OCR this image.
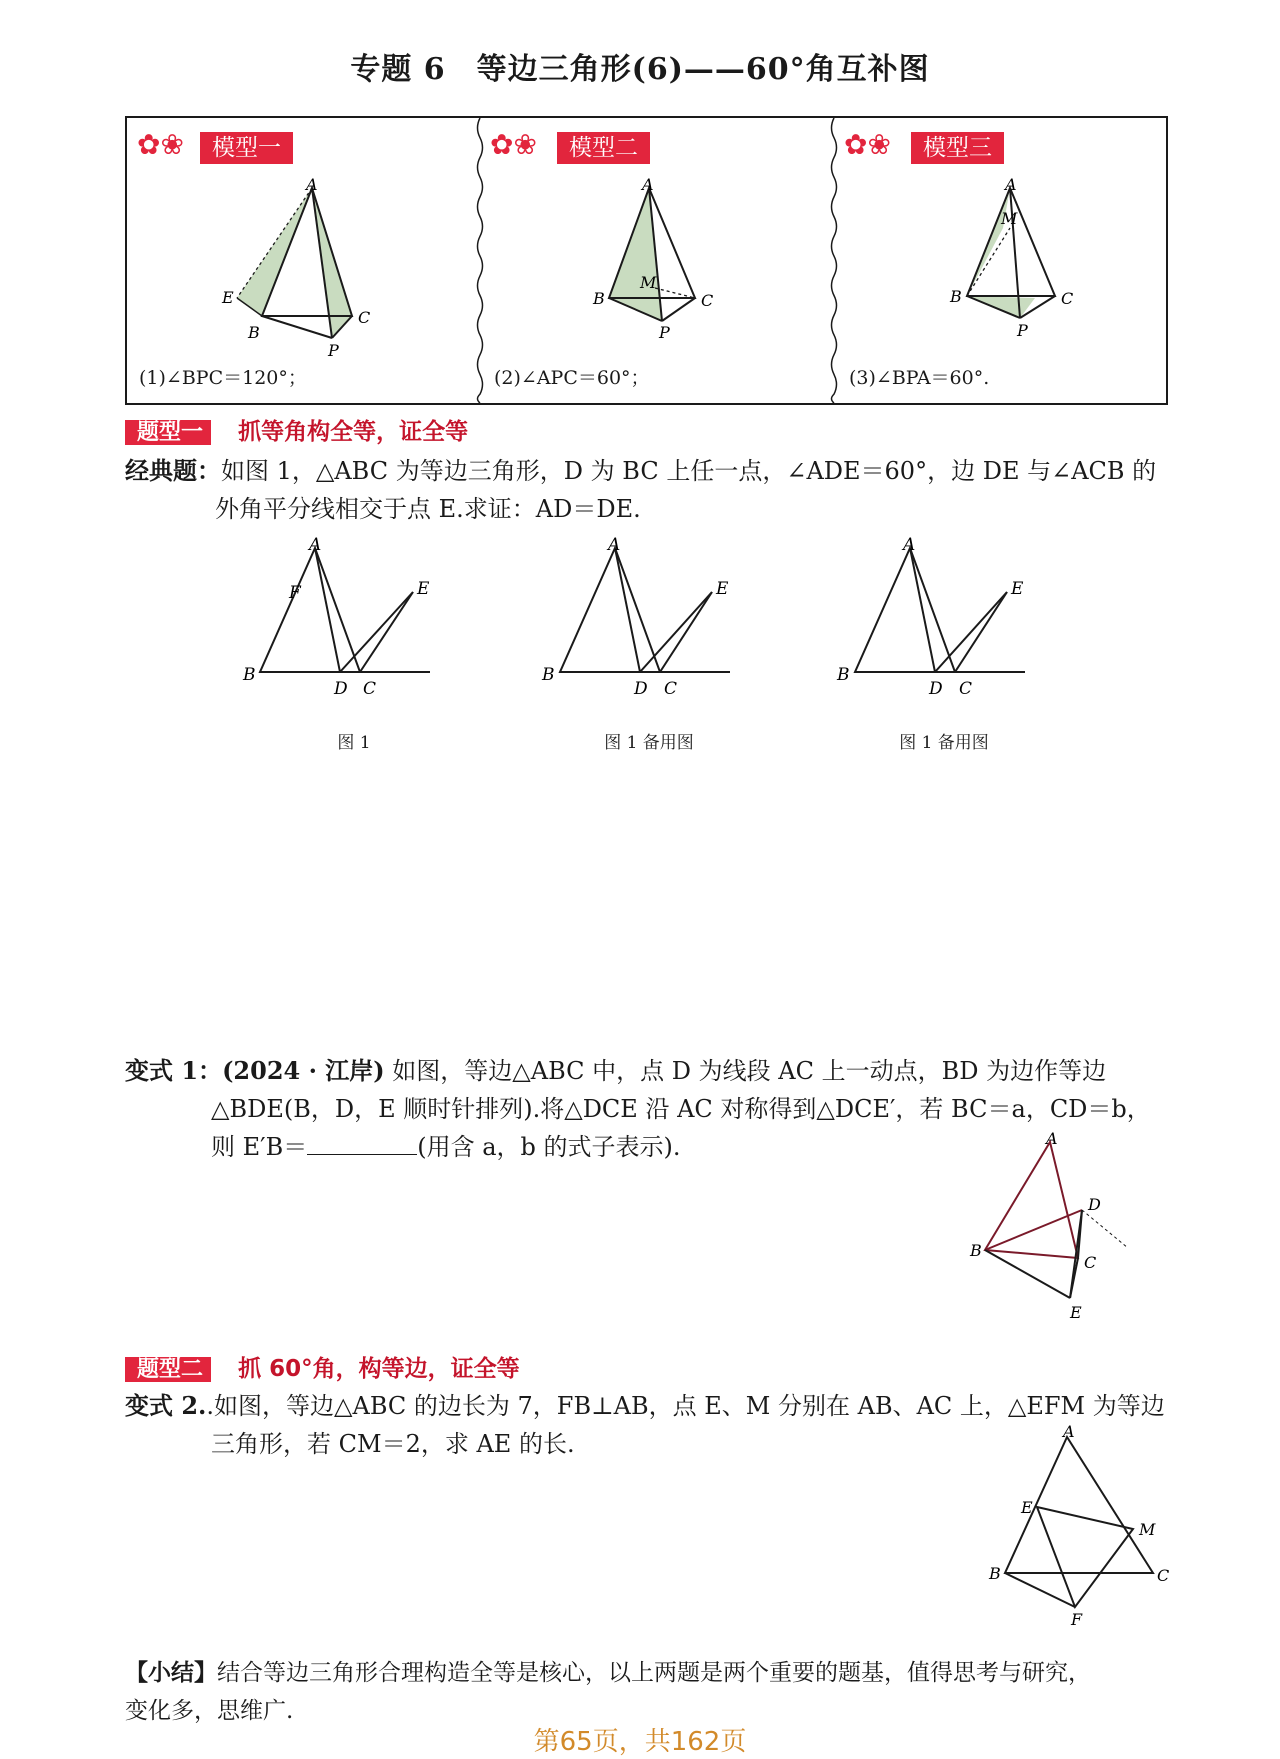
专题 6　等边三角形(6)——60°角互补图
✿❀	模型一	✿❀	模型二	✿❀	模型三
A
E
B
C
P
A
B	C
M
P
A
M
B	C
P
(1)∠BPC＝120°；	(2)∠APC＝60°；	(3)∠BPA＝60°.
题型一 抓等角构全等，证全等
经典题：如图 1，△ABC 为等边三角形，D 为 BC 上任一点，∠ADE＝60°，边 DE 与∠ACB 的
外角平分线相交于点 E.求证：AD＝DE.
A
F	E
B
D C
A
E
B
D C
A
E
B
D C
图 1	图 1 备用图	图 1 备用图
变式 1：(2024 · 江岸) 如图，等边△ABC 中，点 D 为线段 AC 上一动点，BD 为边作等边
△BDE(B，D，E 顺时针排列).将△DCE 沿 AC 对称得到△DCE′，若 BC＝a，CD＝b，
则 E′B＝	(用含 a，b 的式子表示).	A
D
B
C
E
题型二 抓 60°角，构等边，证全等
变式 2..如图，等边△ABC 的边长为 7，FB⊥AB，点 E、M 分别在 AB、AC 上，△EFM 为等边
三角形，若 CM＝2，求 AE 的长.	A
E
M
B	C
F
【小结】结合等边三角形合理构造全等是核心，以上两题是两个重要的题基，值得思考与研究，
变化多，思维广.
第65页，共162页
